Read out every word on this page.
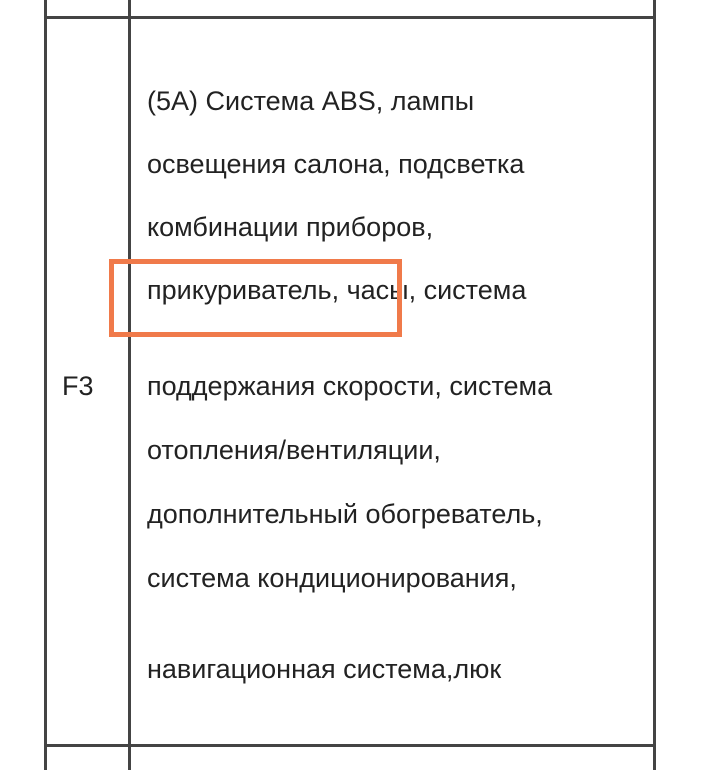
F3
(5A) Система ABS, лампы
освещения салона, подсветка
комбинации приборов,
прикуриватель, часы, система
поддержания скорости, система
отопления/вентиляции,
дополнительный обогреватель,
система кондиционирования,
навигационная система,люк
